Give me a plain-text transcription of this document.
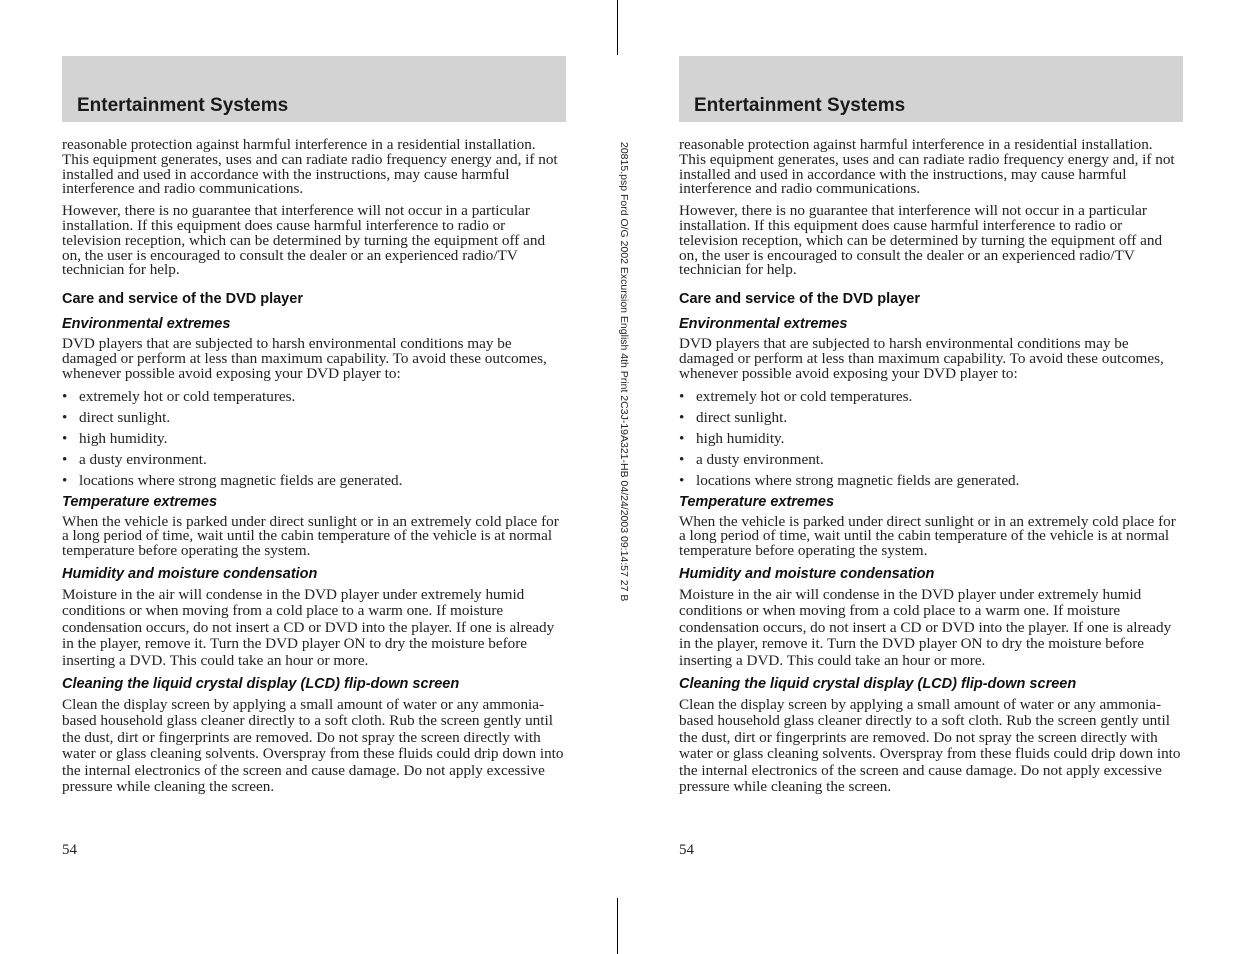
20815.psp Ford O/G 2002 Excursion English 4th Print 2C3J-19A321-HB 04/24/2003 09:14:57 27 B
Entertainment Systems

reasonable protection against harmful interference in a residential installation. This equipment generates, uses and can radiate radio frequency energy and, if not installed and used in accordance with the instructions, may cause harmful interference and radio communications.

However, there is no guarantee that interference will not occur in a particular installation. If this equipment does cause harmful interference to radio or television reception, which can be determined by turning the equipment off and on, the user is encouraged to consult the dealer or an experienced radio/TV technician for help.

Care and service of the DVD player
Environmental extremes

DVD players that are subjected to harsh environmental conditions may be damaged or perform at less than maximum capability. To avoid these outcomes, whenever possible avoid exposing your DVD player to:

• extremely hot or cold temperatures.
• direct sunlight.
• high humidity.
• a dusty environment.
• locations where strong magnetic fields are generated.
Temperature extremes

When the vehicle is parked under direct sunlight or in an extremely cold place for a long period of time, wait until the cabin temperature of the vehicle is at normal temperature before operating the system.

Humidity and moisture condensation

Moisture in the air will condense in the DVD player under extremely humid conditions or when moving from a cold place to a warm one. If moisture condensation occurs, do not insert a CD or DVD into the player. If one is already in the player, remove it. Turn the DVD player ON to dry the moisture before inserting a DVD. This could take an hour or more.

Cleaning the liquid crystal display (LCD) flip-down screen

Clean the display screen by applying a small amount of water or any ammonia-based household glass cleaner directly to a soft cloth. Rub the screen gently until the dust, dirt or fingerprints are removed. Do not spray the screen directly with water or glass cleaning solvents. Overspray from these fluids could drip down into the internal electronics of the screen and cause damage. Do not apply excessive pressure while cleaning the screen.

54
Entertainment Systems

reasonable protection against harmful interference in a residential installation. This equipment generates, uses and can radiate radio frequency energy and, if not installed and used in accordance with the instructions, may cause harmful interference and radio communications.

However, there is no guarantee that interference will not occur in a particular installation. If this equipment does cause harmful interference to radio or television reception, which can be determined by turning the equipment off and on, the user is encouraged to consult the dealer or an experienced radio/TV technician for help.

Care and service of the DVD player
Environmental extremes

DVD players that are subjected to harsh environmental conditions may be damaged or perform at less than maximum capability. To avoid these outcomes, whenever possible avoid exposing your DVD player to:

• extremely hot or cold temperatures.
• direct sunlight.
• high humidity.
• a dusty environment.
• locations where strong magnetic fields are generated.
Temperature extremes

When the vehicle is parked under direct sunlight or in an extremely cold place for a long period of time, wait until the cabin temperature of the vehicle is at normal temperature before operating the system.

Humidity and moisture condensation

Moisture in the air will condense in the DVD player under extremely humid conditions or when moving from a cold place to a warm one. If moisture condensation occurs, do not insert a CD or DVD into the player. If one is already in the player, remove it. Turn the DVD player ON to dry the moisture before inserting a DVD. This could take an hour or more.

Cleaning the liquid crystal display (LCD) flip-down screen

Clean the display screen by applying a small amount of water or any ammonia-based household glass cleaner directly to a soft cloth. Rub the screen gently until the dust, dirt or fingerprints are removed. Do not spray the screen directly with water or glass cleaning solvents. Overspray from these fluids could drip down into the internal electronics of the screen and cause damage. Do not apply excessive pressure while cleaning the screen.

54
